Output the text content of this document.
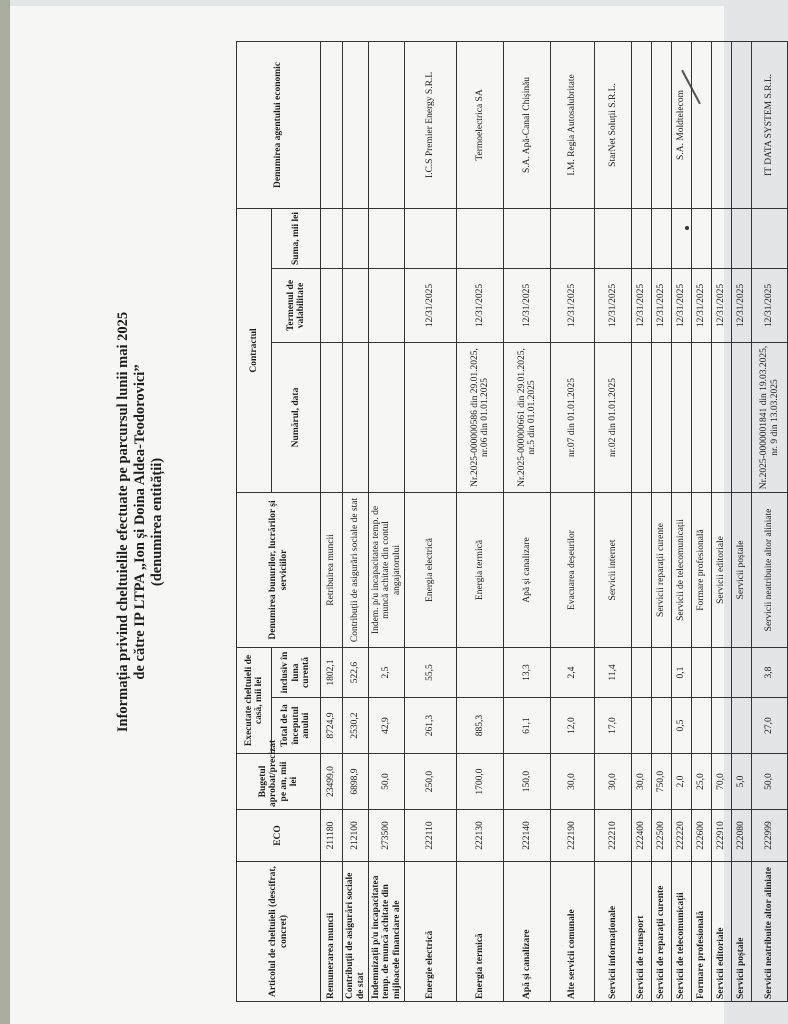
Informația privind cheltuielile efectuate pe parcursul lunii mai 2025 de către IP LTPA „Ion și Doina Aldea-Teodorovici” (denumirea entității)
Articolul de cheltuieli (descifrat, concret)	ECO	Bugetul aprobat/precizat pe an, mii lei	Executate cheltuieli de casă, mii lei		Denumirea bunurilor, lucrărilor și serviciilor	Contractul			Denumirea agentului economic
			Total de la începutul anului	inclusiv în luna curentă		Numărul, data	Termenul de valabilitate	Suma, mii lei	
Remunerarea muncii	211180	23499,0	8724,9	1802,1	Retribuirea muncii				
Contribuții de asigurări sociale de stat	212100	6898,9	2530,2	522,6	Contribuții de asigurări sociale de stat				
Indemnizații p/u incapacitatea temp. de muncă achitate din mijloacele financiare ale	273500	50,0	42,9	2,5	Indem. p/u incapacitatea temp. de muncă achitate din contul angajatorului				
Energie electrică	222110	250,0	261,3	55,5	Energia electrică		12/31/2025		I.C.S Premier Energy S.R.L
Energia termică	222130	1700,0	885,3		Energia termică	Nr.2025-000000586 din 29.01.2025, nr.06 din 01.01.2025	12/31/2025		Termoelectrica SA
Apă și canalizare	222140	150,0	61,1	13,3	Apă și canalizare	Nr.2025-000000661 din 29.01.2025, nr.5 din 01.01.2025	12/31/2025		S.A. Apă-Canal Chișinău
Alte servicii comunale	222190	30,0	12,0	2,4	Evacuarea deșeurilor	nr.07 din 01.01.2025	12/31/2025		I.M. Regia Autosalubritate
Servicii informaționale	222210	30,0	17,0	11,4	Servicii internet	nr.02 din 01.01.2025	12/31/2025		StarNet Soluții S.R.L.
Servicii de transport	222400	30,0					12/31/2025		
Servicii de reparații curente	222500	750,0			Servicii reparații curente		12/31/2025		
Servicii de telecomunicații	222220	2,0	0,5	0,1	Servicii de telecomunicații		12/31/2025		S.A. Moldtelecom
Formare profesională	222600	25,0			Formare profesională		12/31/2025		
Servicii editoriale	222910	70,0			Servicii editoriale		12/31/2025		
Servicii poștale	222080	5,0			Servicii poștale		12/31/2025		
Servicii neatribuite altor aliniate	222999	50,0	27,0	3,8	Servicii neatribuite altor aliniate	Nr.2025-0000001841 din 19.03.2025, nr. 9 din 13.03.2025	12/31/2025		IT DATA SYSTEM S.R.L.
